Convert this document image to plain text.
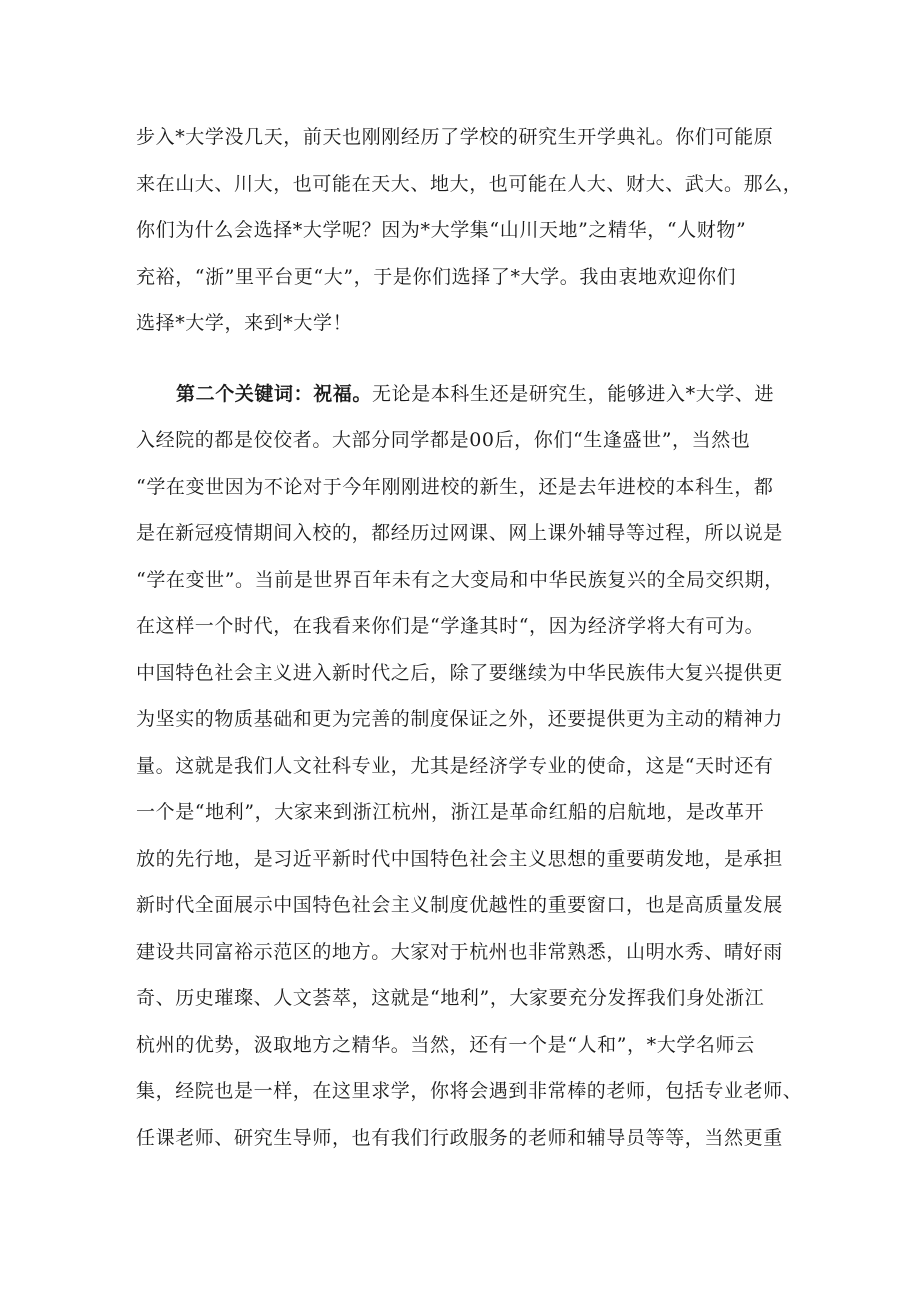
步入*大学没几天，前天也刚刚经历了学校的研究生开学典礼。你们可能原
来在山大、川大，也可能在天大、地大，也可能在人大、财大、武大。那么，
你们为什么会选择*大学呢？因为*大学集“山川天地”之精华，“人财物”
充裕，“浙”里平台更“大”，于是你们选择了*大学。我由衷地欢迎你们
选择*大学，来到*大学！
第二个关键词：祝福。无论是本科生还是研究生，能够进入*大学、进
入经院的都是佼佼者。大部分同学都是00后，你们“生逢盛世”，当然也
“学在变世因为不论对于今年刚刚进校的新生，还是去年进校的本科生，都
是在新冠疫情期间入校的，都经历过网课、网上课外辅导等过程，所以说是
“学在变世”。当前是世界百年未有之大变局和中华民族复兴的全局交织期，
在这样一个时代，在我看来你们是“学逢其时“，因为经济学将大有可为。
中国特色社会主义进入新时代之后，除了要继续为中华民族伟大复兴提供更
为坚实的物质基础和更为完善的制度保证之外，还要提供更为主动的精神力
量。这就是我们人文社科专业，尤其是经济学专业的使命，这是“天时还有
一个是“地利”，大家来到浙江杭州，浙江是革命红船的启航地，是改革开
放的先行地，是习近平新时代中国特色社会主义思想的重要萌发地，是承担
新时代全面展示中国特色社会主义制度优越性的重要窗口，也是高质量发展
建设共同富裕示范区的地方。大家对于杭州也非常熟悉，山明水秀、晴好雨
奇、历史璀璨、人文荟萃，这就是“地利”，大家要充分发挥我们身处浙江
杭州的优势，汲取地方之精华。当然，还有一个是“人和”，*大学名师云
集，经院也是一样，在这里求学，你将会遇到非常棒的老师，包括专业老师、
任课老师、研究生导师，也有我们行政服务的老师和辅导员等等，当然更重
